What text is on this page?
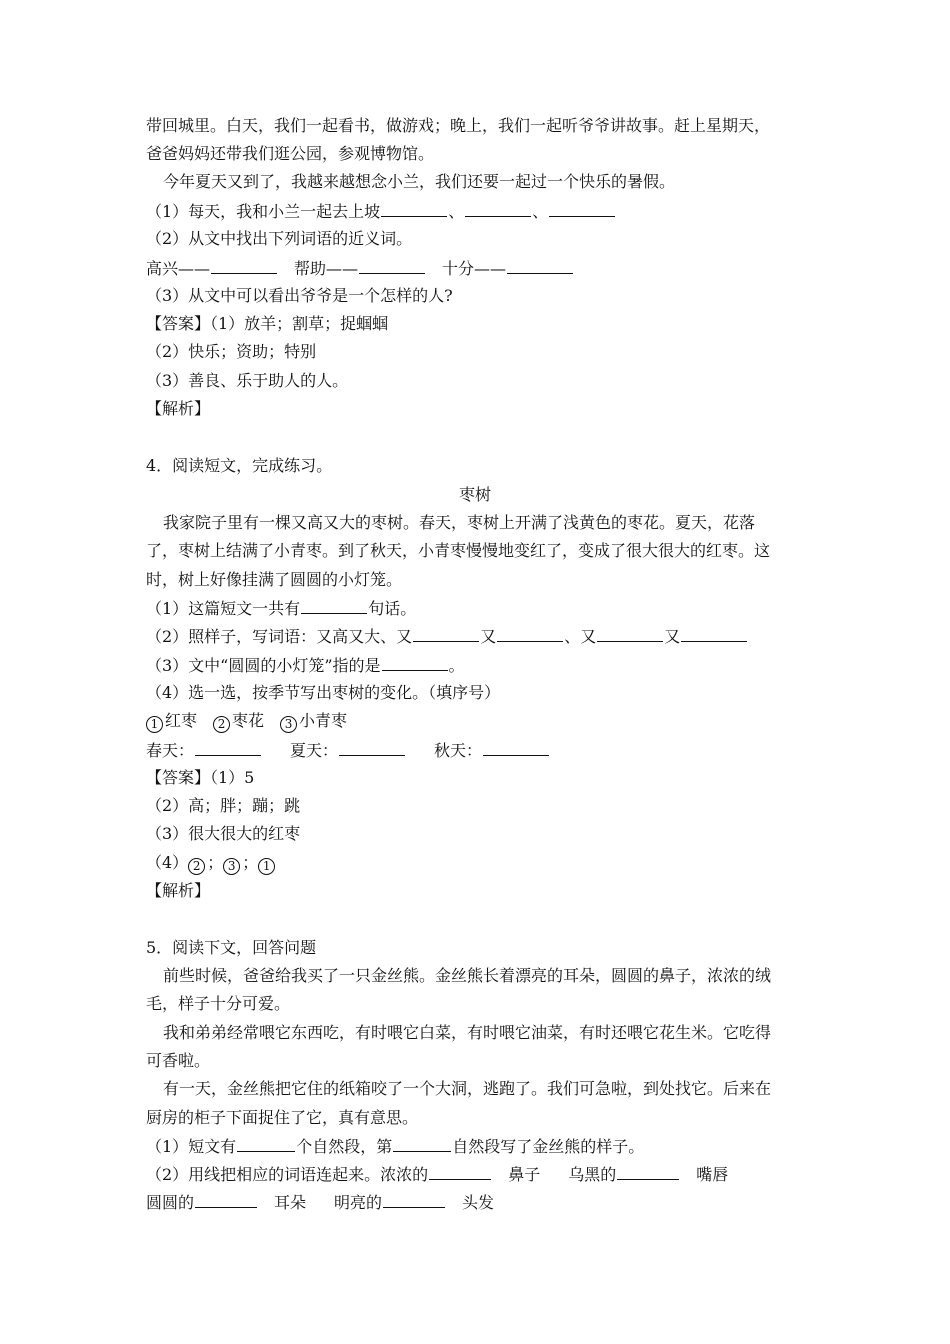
带回城里。白天，我们一起看书，做游戏；晚上，我们一起听爷爷讲故事。赶上星期天，
爸爸妈妈还带我们逛公园，参观博物馆。
今年夏天又到了，我越来越想念小兰，我们还要一起过一个快乐的暑假。
（1）每天，我和小兰一起去上坡	、	、
（2）从文中找出下列词语的近义词。
高兴——	帮助——	十分——
（3）从文中可以看出爷爷是一个怎样的人?
【答案】（1）放羊；割草；捉蝈蝈
（2）快乐；资助；特别
（3）善良、乐于助人的人。
【解析】
4．阅读短文，完成练习。
枣树
我家院子里有一棵又高又大的枣树。春天，枣树上开满了浅黄色的枣花。夏天，花落
了，枣树上结满了小青枣。到了秋天，小青枣慢慢地变红了，变成了很大很大的红枣。这
时，树上好像挂满了圆圆的小灯笼。
（1）这篇短文一共有	句话。
（2）照样子，写词语：又高又大、又	又	、又	又
（3）文中“圆圆的小灯笼”指的是	。
（4）选一选，按季节写出枣树的变化。（填序号）
1 红枣 2 枣花 3 小青枣
春天：	夏天：	秋天：
【答案】（1）5
（2）高；胖；蹦；跳
（3）很大很大的红枣
（4） 2 ； 3 ； 1
【解析】
5．阅读下文，回答问题
前些时候，爸爸给我买了一只金丝熊。金丝熊长着漂亮的耳朵，圆圆的鼻子，浓浓的绒
毛，样子十分可爱。
我和弟弟经常喂它东西吃，有时喂它白菜，有时喂它油菜，有时还喂它花生米。它吃得
可香啦。
有一天，金丝熊把它住的纸箱咬了一个大洞，逃跑了。我们可急啦，到处找它。后来在
厨房的柜子下面捉住了它，真有意思。
（1）短文有	个自然段，第	自然段写了金丝熊的样子。
（2）用线把相应的词语连起来。浓浓的	鼻子 乌黑的	嘴唇
圆圆的	耳朵 明亮的	头发
